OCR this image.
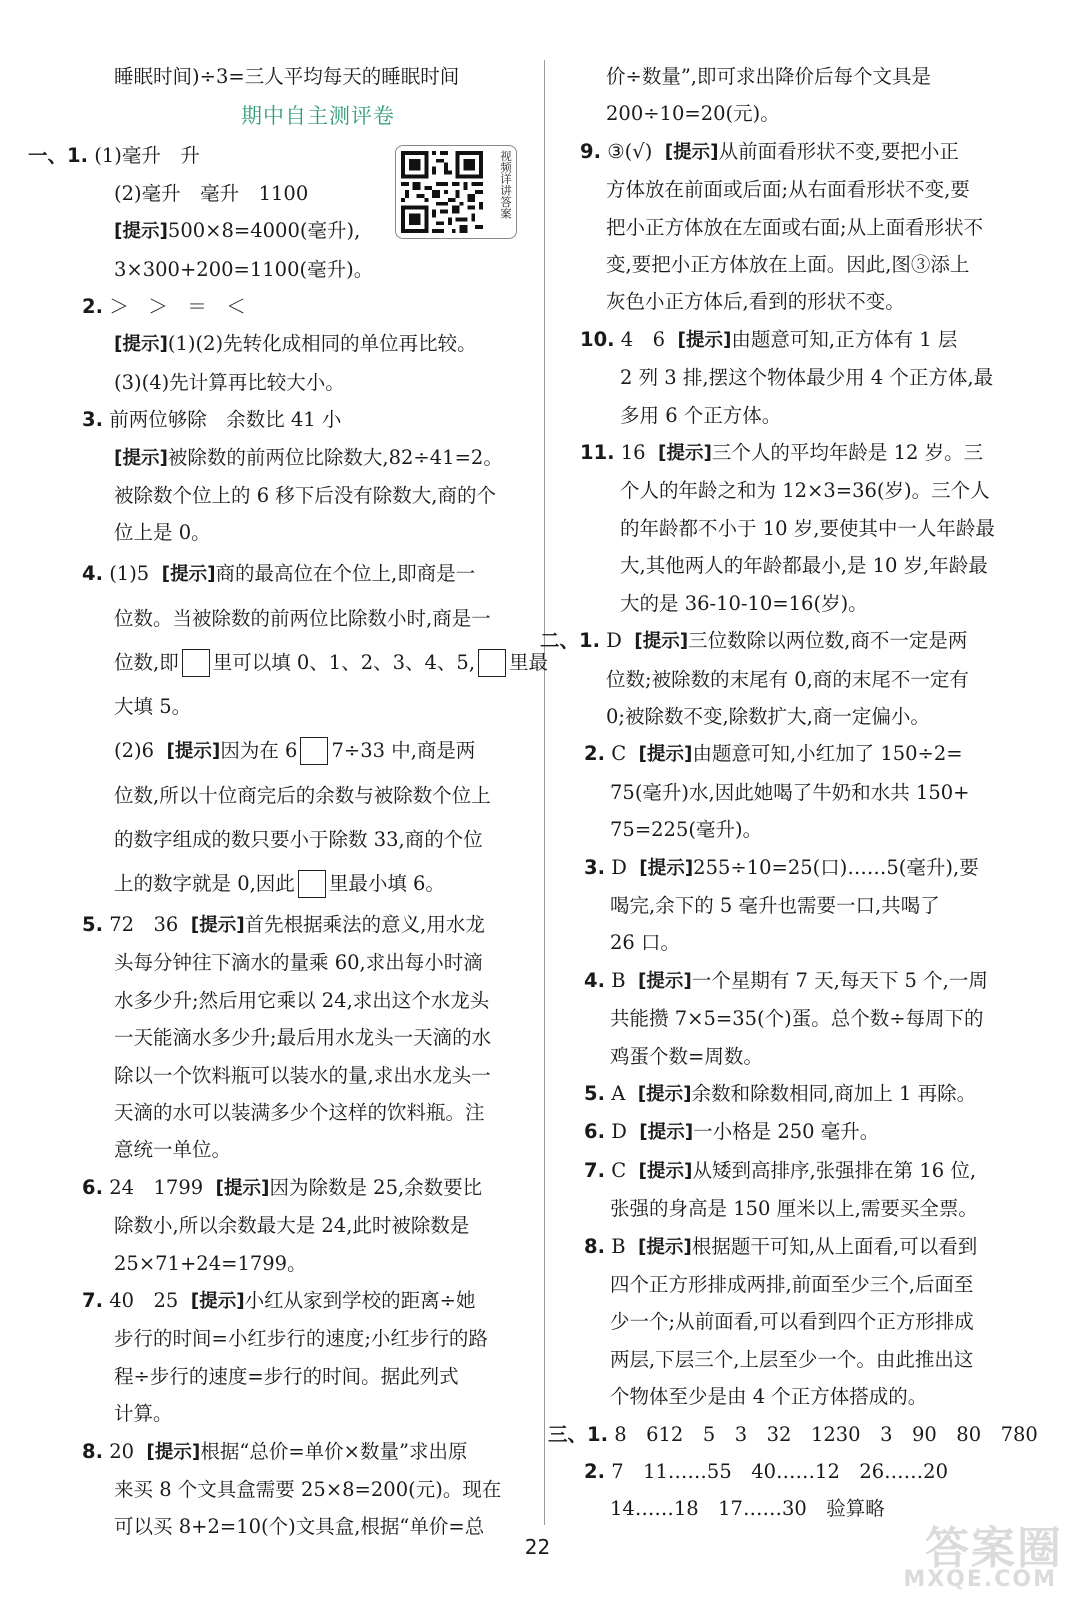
视频详讲答案
睡眠时间)÷3=三人平均每天的睡眠时间
期中自主测评卷
一、1. (1)毫升　升
(2)毫升　毫升　1100
[提示]500×8=4000(毫升),
3×300+200=1100(毫升)。
2. ＞　＞　＝　＜
[提示](1)(2)先转化成相同的单位再比较。
(3)(4)先计算再比较大小。
3. 前两位够除　余数比 41 小
[提示]被除数的前两位比除数大,82÷41=2。
被除数个位上的 6 移下后没有除数大,商的个
位上是 0。
4. (1)5 [提示]商的最高位在个位上,即商是一
位数。当被除数的前两位比除数小时,商是一
位数,即 里可以填 0、1、2、3、4、5, 里最
大填 5。
(2)6 [提示]因为在 6 7÷33 中,商是两
位数,所以十位商完后的余数与被除数个位上
的数字组成的数只要小于除数 33,商的个位
上的数字就是 0,因此 里最小填 6。
5. 72　36 [提示]首先根据乘法的意义,用水龙
头每分钟往下滴水的量乘 60,求出每小时滴
水多少升;然后用它乘以 24,求出这个水龙头
一天能滴水多少升;最后用水龙头一天滴的水
除以一个饮料瓶可以装水的量,求出水龙头一
天滴的水可以装满多少个这样的饮料瓶。注
意统一单位。
6. 24　1799 [提示]因为除数是 25,余数要比
除数小,所以余数最大是 24,此时被除数是
25×71+24=1799。
7. 40　25 [提示]小红从家到学校的距离÷她
步行的时间=小红步行的速度;小红步行的路
程÷步行的速度=步行的时间。据此列式
计算。
8. 20 [提示]根据“总价=单价×数量”求出原
来买 8 个文具盒需要 25×8=200(元)。现在
可以买 8+2=10(个)文具盒,根据“单价=总
价÷数量”,即可求出降价后每个文具是
200÷10=20(元)。
9. ③(√) [提示]从前面看形状不变,要把小正
方体放在前面或后面;从右面看形状不变,要
把小正方体放在左面或右面;从上面看形状不
变,要把小正方体放在上面。因此,图③添上
灰色小正方体后,看到的形状不变。
10. 4　6 [提示]由题意可知,正方体有 1 层
2 列 3 排,摆这个物体最少用 4 个正方体,最
多用 6 个正方体。
11. 16 [提示]三个人的平均年龄是 12 岁。三
个人的年龄之和为 12×3=36(岁)。三个人
的年龄都不小于 10 岁,要使其中一人年龄最
大,其他两人的年龄都最小,是 10 岁,年龄最
大的是 36-10-10=16(岁)。
二、1. D [提示]三位数除以两位数,商不一定是两
位数;被除数的末尾有 0,商的末尾不一定有
0;被除数不变,除数扩大,商一定偏小。
2. C [提示]由题意可知,小红加了 150÷2=
75(毫升)水,因此她喝了牛奶和水共 150+
75=225(毫升)。
3. D [提示]255÷10=25(口)……5(毫升),要
喝完,余下的 5 毫升也需要一口,共喝了
26 口。
4. B [提示]一个星期有 7 天,每天下 5 个,一周
共能攒 7×5=35(个)蛋。总个数÷每周下的
鸡蛋个数=周数。
5. A [提示]余数和除数相同,商加上 1 再除。
6. D [提示]一小格是 250 毫升。
7. C [提示]从矮到高排序,张强排在第 16 位,
张强的身高是 150 厘米以上,需要买全票。
8. B [提示]根据题干可知,从上面看,可以看到
四个正方形排成两排,前面至少三个,后面至
少一个;从前面看,可以看到四个正方形排成
两层,下层三个,上层至少一个。由此推出这
个物体至少是由 4 个正方体搭成的。
三、1. 8　612　5　3　32　1230　3　90　80　780
2. 7　11……55　40……12　26……20
14……18　17……30　验算略
22	答案圈
MXQE.COM
